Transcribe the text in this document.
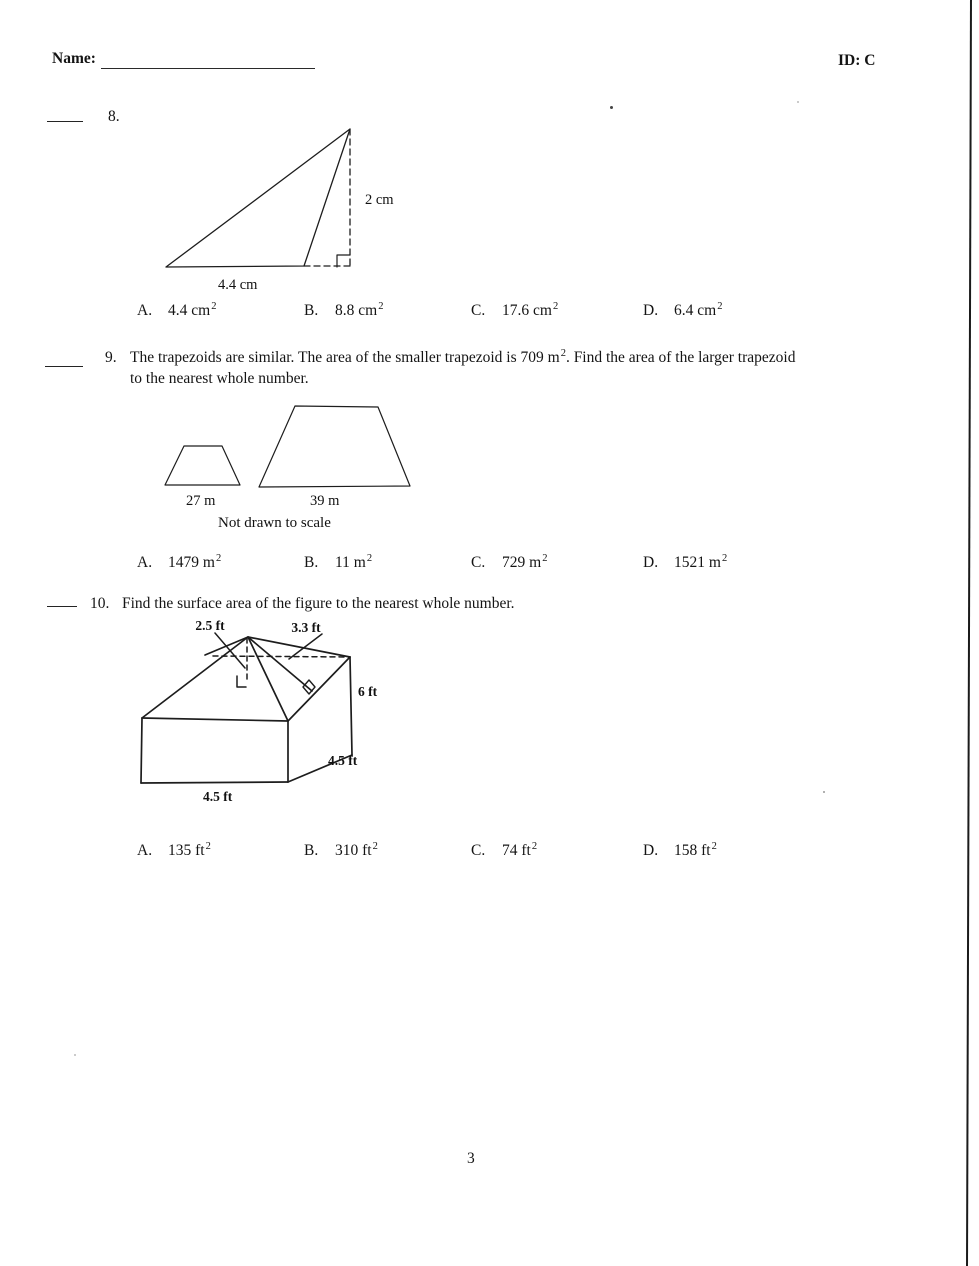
Name:	ID: C
8.
2 cm
4.4 cm
A. 4.4 $cm^2$	B. 8.8 $cm^2$	C. 17.6 $cm^2$	D. 6.4 $cm^2$
9. The trapezoids are similar. The area of the smaller trapezoid is 709 $m^2$. Find the area of the larger trapezoid
to the nearest whole number.
27 m	39 m
Not drawn to scale
A. 1479 $m^2$	B. 11 $m^2$	C. 729 $m^2$	D. 1521 $m^2$
10. Find the surface area of the figure to the nearest whole number.
2.5 ft	3.3 ft
6 ft
4.5 ft
4.5 ft
A. 135 $ft^2$	B. 310 $ft^2$	C. 74 $ft^2$	D. 158 $ft^2$
3
